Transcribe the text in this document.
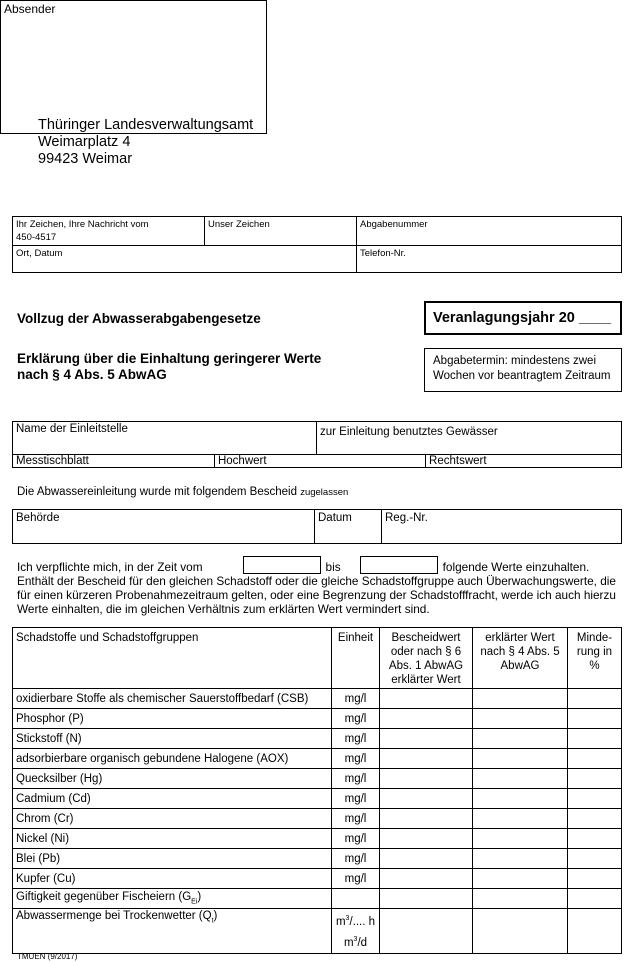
Absender
Thüringer Landesverwaltungsamt
Weimarplatz 4
99423 Weimar
Ihr Zeichen, Ihre Nachricht vom
450-4517	Unser Zeichen	Abgabenummer
Ort, Datum		Telefon-Nr.
Vollzug der Abwasserabgabengesetze	Veranlagungsjahr 20 ____
Erklärung über die Einhaltung geringerer Werte
nach § 4 Abs. 5 AbwAG
Abgabetermin: mindestens zwei
Wochen vor beantragtem Zeitraum
Name der Einleitstelle		zur Einleitung benutztes Gewässer	
Messtischblatt	Hochwert		Rechtswert

Die Abwassereinleitung wurde mit folgendem Bescheid zugelassen
Behörde	Datum	Reg.-Nr.
Ich verpflichte mich, in der Zeit vom	bis	folgende Werte einzuhalten.
Enthält der Bescheid für den gleichen Schadstoff oder die gleiche Schadstoffgruppe auch Überwachungswerte, die für einen kürzeren Probenahmezeitraum gelten, oder eine Begrenzung der Schadstofffracht, werde ich auch hierzu Werte einhalten, die im gleichen Verhältnis zum erklärten Wert vermindert sind.
Schadstoffe und Schadstoffgruppen	Einheit	Bescheidwert oder nach § 6 Abs. 1 AbwAG erklärter Wert	erklärter Wert nach § 4 Abs. 5 AbwAG	Minde-rung in %
oxidierbare Stoffe als chemischer Sauerstoffbedarf (CSB)	mg/l			
Phosphor (P)	mg/l			
Stickstoff (N)	mg/l			
adsorbierbare organisch gebundene Halogene (AOX)	mg/l			
Quecksilber (Hg)	mg/l			
Cadmium (Cd)	mg/l			
Chrom (Cr)	mg/l			
Nickel (Ni)	mg/l			
Blei (Pb)	mg/l			
Kupfer (Cu)	mg/l			
Giftigkeit gegenüber Fischeiern $(G_{Ei})$				
Abwassermenge bei Trockenwetter $(Q_t)$	$m^3/$.... h
$m^3/d$			

TMUEN (9/2017)
